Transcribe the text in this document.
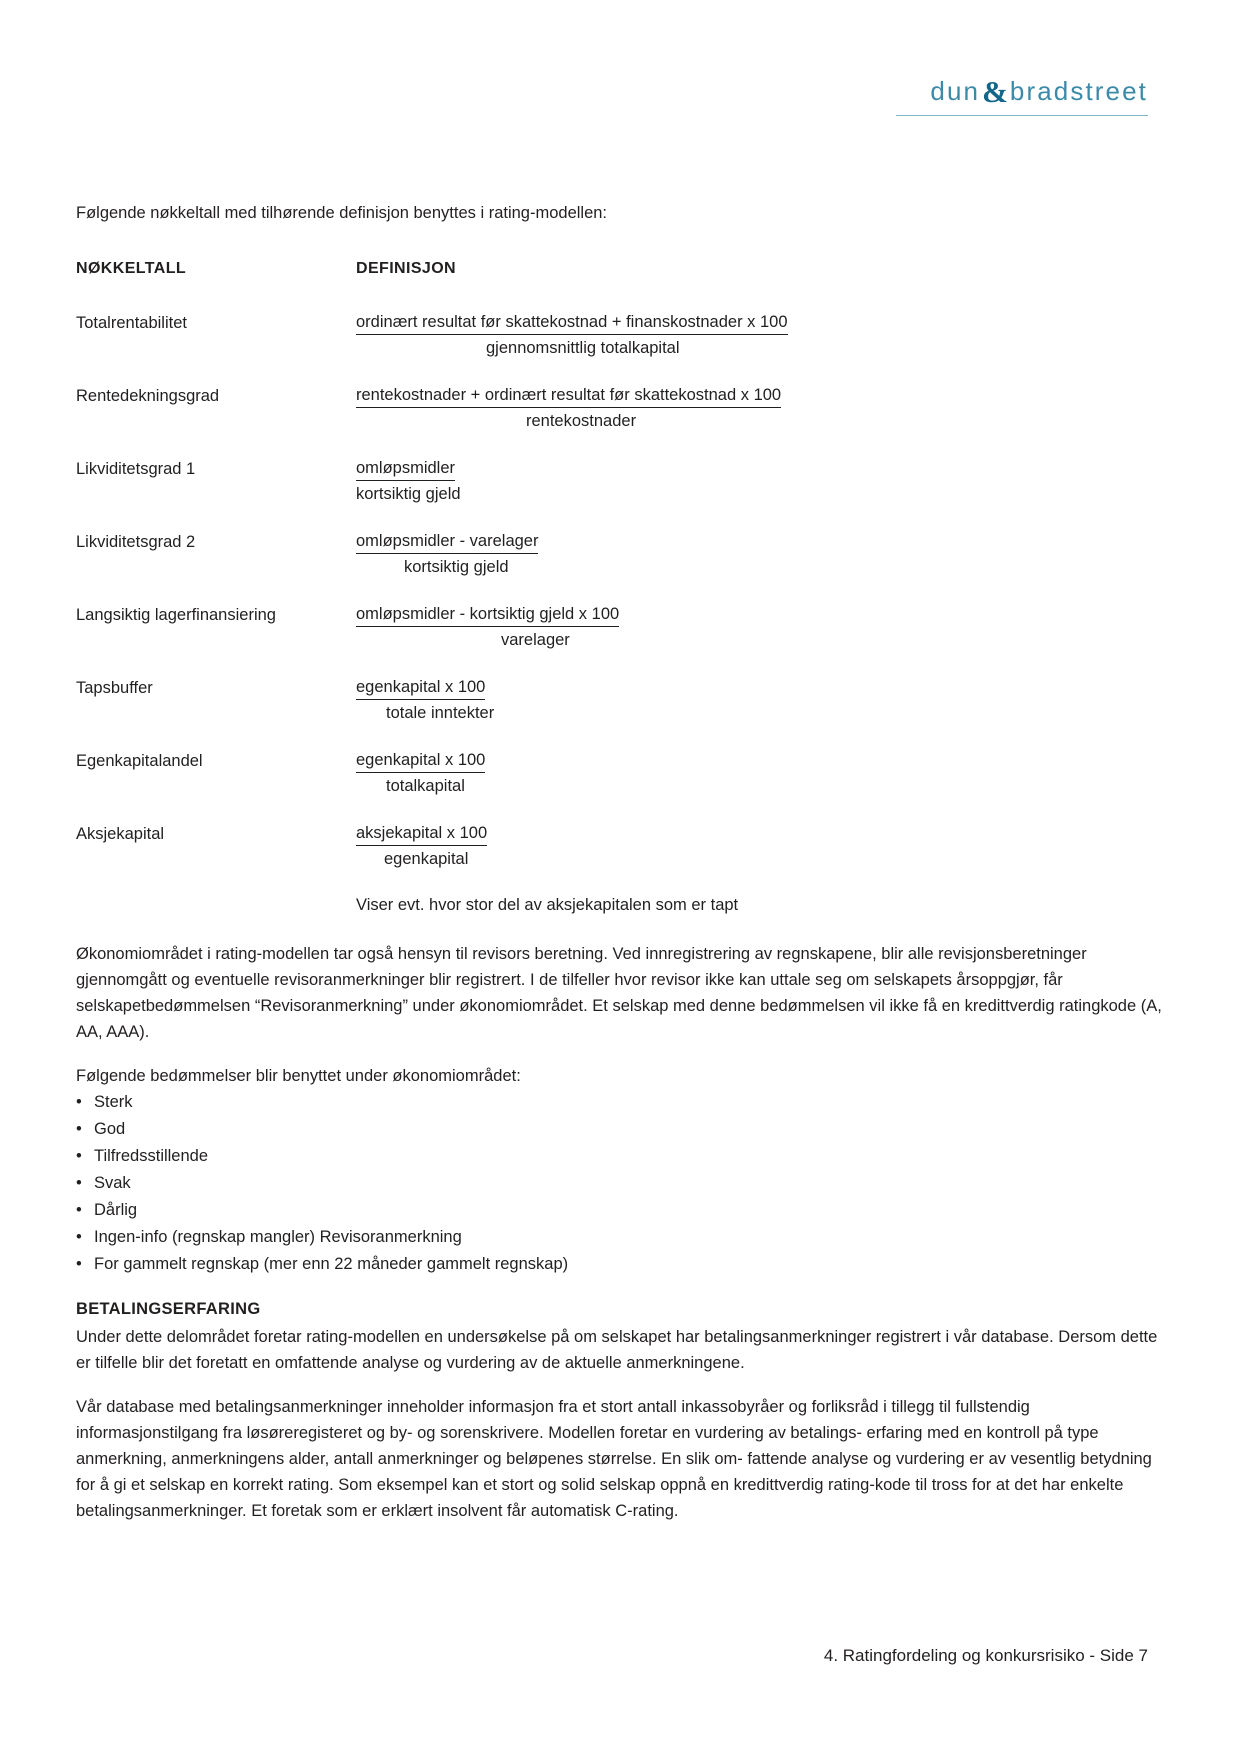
dun & bradstreet

Følgende nøkkeltall med tilhørende definisjon benyttes i rating-modellen:

NØKKELTALL	DEFINISJON
Totalrentabilitet	ordinært resultat før skattekostnad + finanskostnader x 100
gjennomsnittlig totalkapital

Rentedekningsgrad	rentekostnader + ordinært resultat før skattekostnad x 100
rentekostnader

Likviditetsgrad 1	omløpsmidler
kortsiktig gjeld

Likviditetsgrad 2	omløpsmidler - varelager
kortsiktig gjeld

Langsiktig lagerfinansiering	omløpsmidler - kortsiktig gjeld x 100
varelager

Tapsbuffer	egenkapital x 100
totale inntekter

Egenkapitalandel	egenkapital x 100
totalkapital

Aksjekapital	aksjekapital x 100
egenkapital

	Viser evt. hvor stor del av aksjekapitalen som er tapt

Økonomiområdet i rating-modellen tar også hensyn til revisors beretning. Ved innregistrering av regnskapene, blir alle revisjonsberetninger gjennomgått og eventuelle revisoranmerkninger blir registrert. I de tilfeller hvor revisor ikke kan uttale seg om selskapets årsoppgjør, får selskapetbedømmelsen “Revisoranmerkning” under økonomiområdet. Et selskap med denne bedømmelsen vil ikke få en kredittverdig ratingkode (A, AA, AAA).

Følgende bedømmelser blir benyttet under økonomiområdet:

• Sterk
• God
• Tilfredsstillende
• Svak
• Dårlig
• Ingen-info (regnskap mangler) Revisoranmerkning
• For gammelt regnskap (mer enn 22 måneder gammelt regnskap)
BETALINGSERFARING

Under dette delområdet foretar rating-modellen en undersøkelse på om selskapet har betalingsanmerkninger registrert i vår database. Dersom dette er tilfelle blir det foretatt en omfattende analyse og vurdering av de aktuelle anmerkningene.

Vår database med betalingsanmerkninger inneholder informasjon fra et stort antall inkassobyråer og forliksråd i tillegg til fullstendig informasjonstilgang fra løsøreregisteret og by- og sorenskrivere. Modellen foretar en vurdering av betalings- erfaring med en kontroll på type anmerkning, anmerkningens alder, antall anmerkninger og beløpenes størrelse. En slik om- fattende analyse og vurdering er av vesentlig betydning for å gi et selskap en korrekt rating. Som eksempel kan et stort og solid selskap oppnå en kredittverdig rating-kode til tross for at det har enkelte betalingsanmerkninger. Et foretak som er erklært insolvent får automatisk C-rating.

4. Ratingfordeling og konkursrisiko - Side 7
